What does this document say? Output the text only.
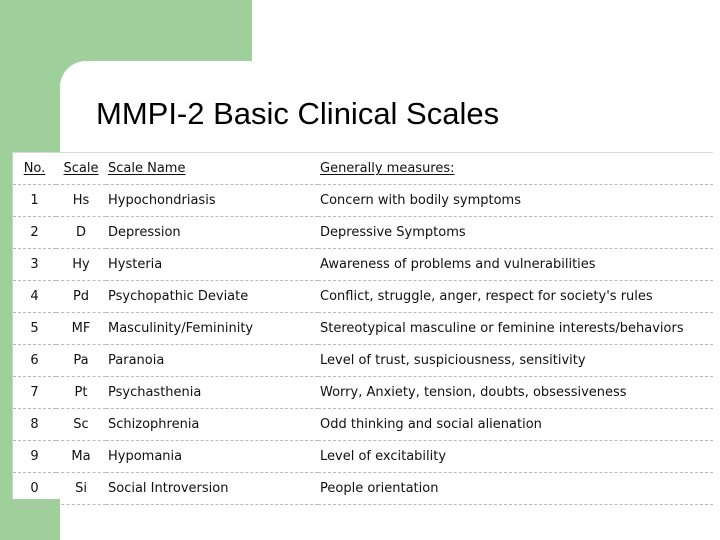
MMPI-2 Basic Clinical Scales
No.	Scale	Scale Name	Generally measures:
1	Hs	Hypochondriasis	Concern with bodily symptoms
2	D	Depression	Depressive Symptoms
3	Hy	Hysteria	Awareness of problems and vulnerabilities
4	Pd	Psychopathic Deviate	Conflict, struggle, anger, respect for society's rules
5	MF	Masculinity/Femininity	Stereotypical masculine or feminine interests/behaviors
6	Pa	Paranoia	Level of trust, suspiciousness, sensitivity
7	Pt	Psychasthenia	Worry, Anxiety, tension, doubts, obsessiveness
8	Sc	Schizophrenia	Odd thinking and social alienation
9	Ma	Hypomania	Level of excitability
0	Si	Social Introversion	People orientation
